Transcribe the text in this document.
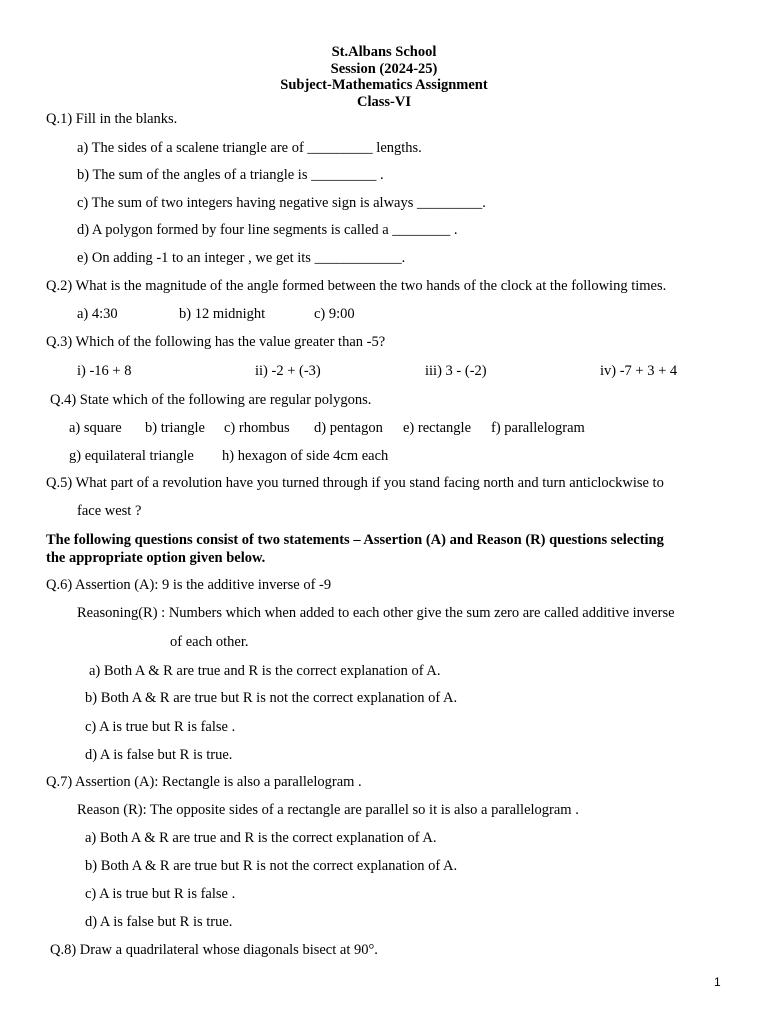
St.Albans School
Session (2024-25)
Subject-Mathematics Assignment
Class-VI
Q.1) Fill in the blanks.
a) The sides of a scalene triangle are of _________ lengths.
b) The sum of the angles of a triangle is _________ .
c) The sum of two integers having negative sign is always _________.
d) A polygon formed by four line segments is called a ________ .
e) On adding -1 to an integer , we get its ____________.
Q.2) What is the magnitude of the angle formed between the two hands of the clock at the following times.
a) 4:30	b) 12 midnight	c) 9:00
Q.3) Which of the following has the value greater than -5?
i) -16 + 8	ii) -2 + (-3)	iii) 3 - (-2)	iv) -7 + 3 + 4
Q.4) State which of the following are regular polygons.
a) square b) triangle c) rhombus d) pentagon e) rectangle f) parallelogram
g) equilateral triangle h) hexagon of side 4cm each
Q.5) What part of a revolution have you turned through if you stand facing north and turn anticlockwise to
face west ?
The following questions consist of two statements – Assertion (A) and Reason (R) questions selecting
the appropriate option given below.
Q.6) Assertion (A): 9 is the additive inverse of -9
Reasoning(R) : Numbers which when added to each other give the sum zero are called additive inverse
of each other.
a) Both A & R are true and R is the correct explanation of A.
b) Both A & R are true but R is not the correct explanation of A.
c) A is true but R is false .
d) A is false but R is true.
Q.7) Assertion (A): Rectangle is also a parallelogram .
Reason (R): The opposite sides of a rectangle are parallel so it is also a parallelogram .
a) Both A & R are true and R is the correct explanation of A.
b) Both A & R are true but R is not the correct explanation of A.
c) A is true but R is false .
d) A is false but R is true.
Q.8) Draw a quadrilateral whose diagonals bisect at 90°.
1
